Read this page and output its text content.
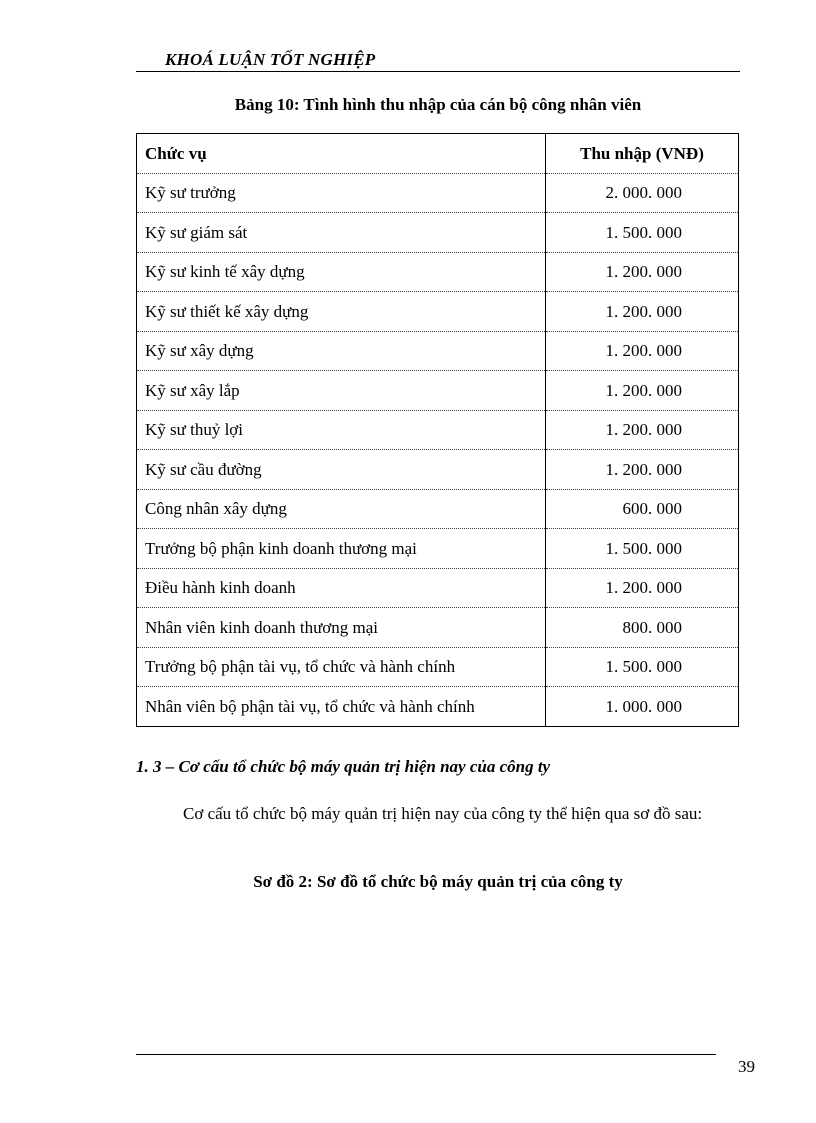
KHOÁ LUẬN TỐT NGHIỆP
Bảng 10: Tình hình thu nhập của cán bộ công nhân viên
Chức vụ	Thu nhập (VNĐ)
Kỹ sư trưởng	2. 000. 000
Kỹ sư giám sát	1. 500. 000
Kỹ sư kinh tế xây dựng	1. 200. 000
Kỹ sư thiết kế xây dựng	1. 200. 000
Kỹ sư xây dựng	1. 200. 000
Kỹ sư xây lắp	1. 200. 000
Kỹ sư thuỷ lợi	1. 200. 000
Kỹ sư cầu đường	1. 200. 000
Công nhân xây dựng	600. 000
Trưởng bộ phận kinh doanh thương mại	1. 500. 000
Điều hành kinh doanh	1. 200. 000
Nhân viên kinh doanh thương mại	800. 000
Trưởng bộ phận tài vụ, tổ chức và hành chính	1. 500. 000
Nhân viên bộ phận tài vụ, tổ chức và hành chính	1. 000. 000
1. 3 – Cơ cấu tổ chức bộ máy quản trị hiện nay của công ty
Cơ cấu tổ chức bộ máy quản trị hiện nay của công ty thể hiện qua sơ đồ sau:
Sơ đồ 2: Sơ đồ tổ chức bộ máy quản trị của công ty
39
